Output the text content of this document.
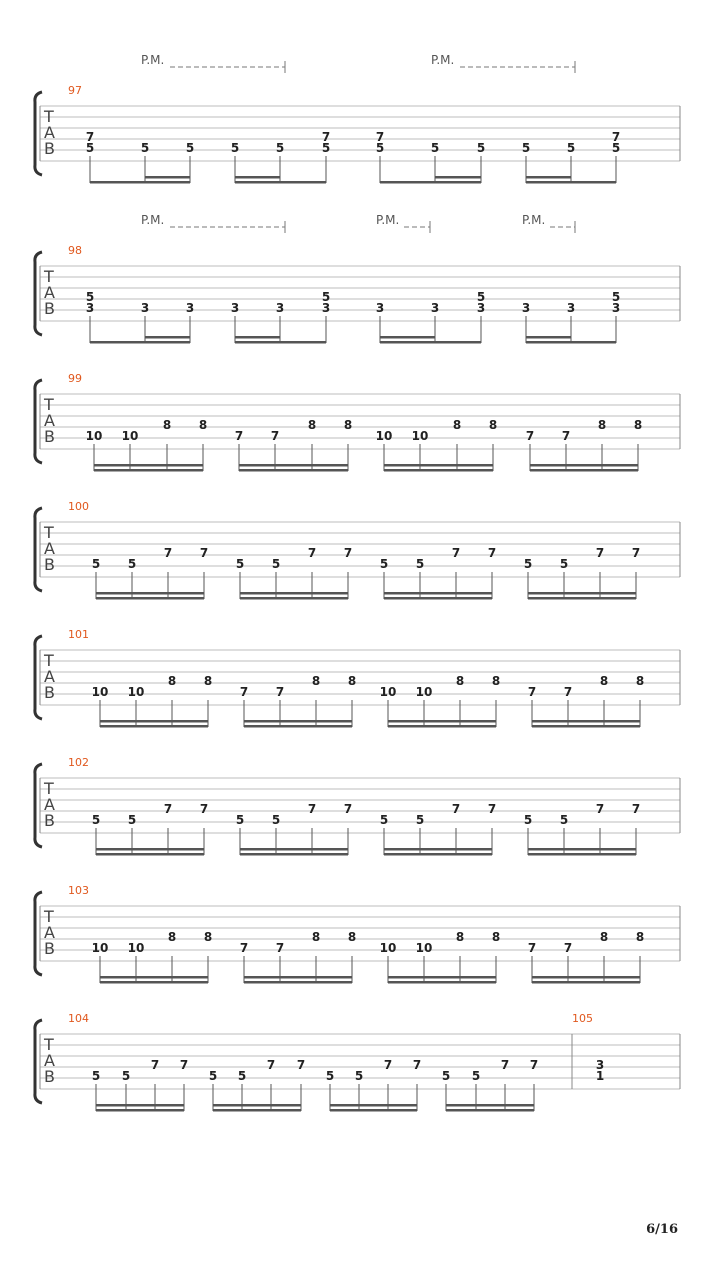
T
A
B
97
P.M.	P.M.
7
5	5	5	5	5
7
5
7
5	5	5	5	5
7
5
T
A
B
98
P.M.	P.M.	P.M.
5
3	3	3	3	3
5
3	3	3
5
3	3	3
5
3
T
A
B
99
10 10
8 8
7 7
8 8
10 10
8 8
7 7
8 8
T
A
B
100
5 5
7 7
5 5
7 7
5 5
7 7
5 5
7 7
T
A
B
101
10 10
8 8
7 7
8 8
10 10
8 8
7 7
8 8
T
A
B
102
5 5
7 7
5 5
7 7
5 5
7 7
5 5
7 7
T
A
B
103
10 10
8 8
7 7
8 8
10 10
8 8
7 7
8 8
T
A
B
104
5 5
7 7
5 5
7 7
5 5
7 7
5 5
7 7
105
3
1
6/16
